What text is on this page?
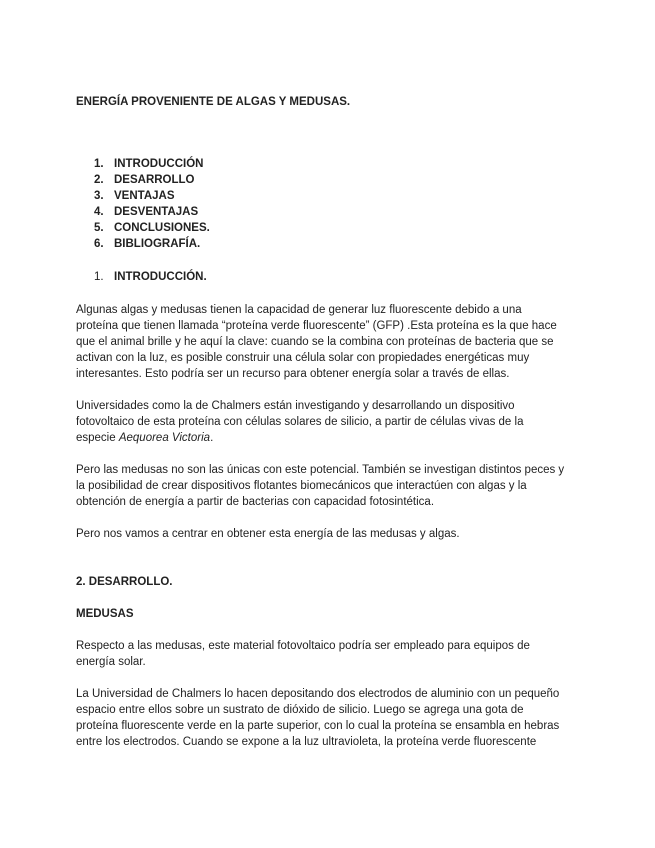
ENERGÍA PROVENIENTE DE ALGAS Y MEDUSAS.
1. INTRODUCCIÓN
2. DESARROLLO
3. VENTAJAS
4. DESVENTAJAS
5. CONCLUSIONES.
6. BIBLIOGRAFÍA.
1. INTRODUCCIÓN.

Algunas algas y medusas tienen la capacidad de generar luz fluorescente debido a una
proteína que tienen llamada “proteína verde fluorescente” (GFP) .Esta proteína es la que hace
que el animal brille y he aquí la clave: cuando se la combina con proteínas de bacteria que se
activan con la luz, es posible construir una célula solar con propiedades energéticas muy
interesantes. Esto podría ser un recurso para obtener energía solar a través de ellas.

Universidades como la de Chalmers están investigando y desarrollando un dispositivo
fotovoltaico de esta proteína con células solares de silicio, a partir de células vivas de la
especie Aequorea Victoria.

Pero las medusas no son las únicas con este potencial. También se investigan distintos peces y
la posibilidad de crear dispositivos flotantes biomecánicos que interactúen con algas y la
obtención de energía a partir de bacterias con capacidad fotosintética.

Pero nos vamos a centrar en obtener esta energía de las medusas y algas.

2. DESARROLLO.
MEDUSAS

Respecto a las medusas, este material fotovoltaico podría ser empleado para equipos de
energía solar.

La Universidad de Chalmers lo hacen depositando dos electrodos de aluminio con un pequeño
espacio entre ellos sobre un sustrato de dióxido de silicio. Luego se agrega una gota de
proteína fluorescente verde en la parte superior, con lo cual la proteína se ensambla en hebras
entre los electrodos. Cuando se expone a la luz ultravioleta, la proteína verde fluorescente
